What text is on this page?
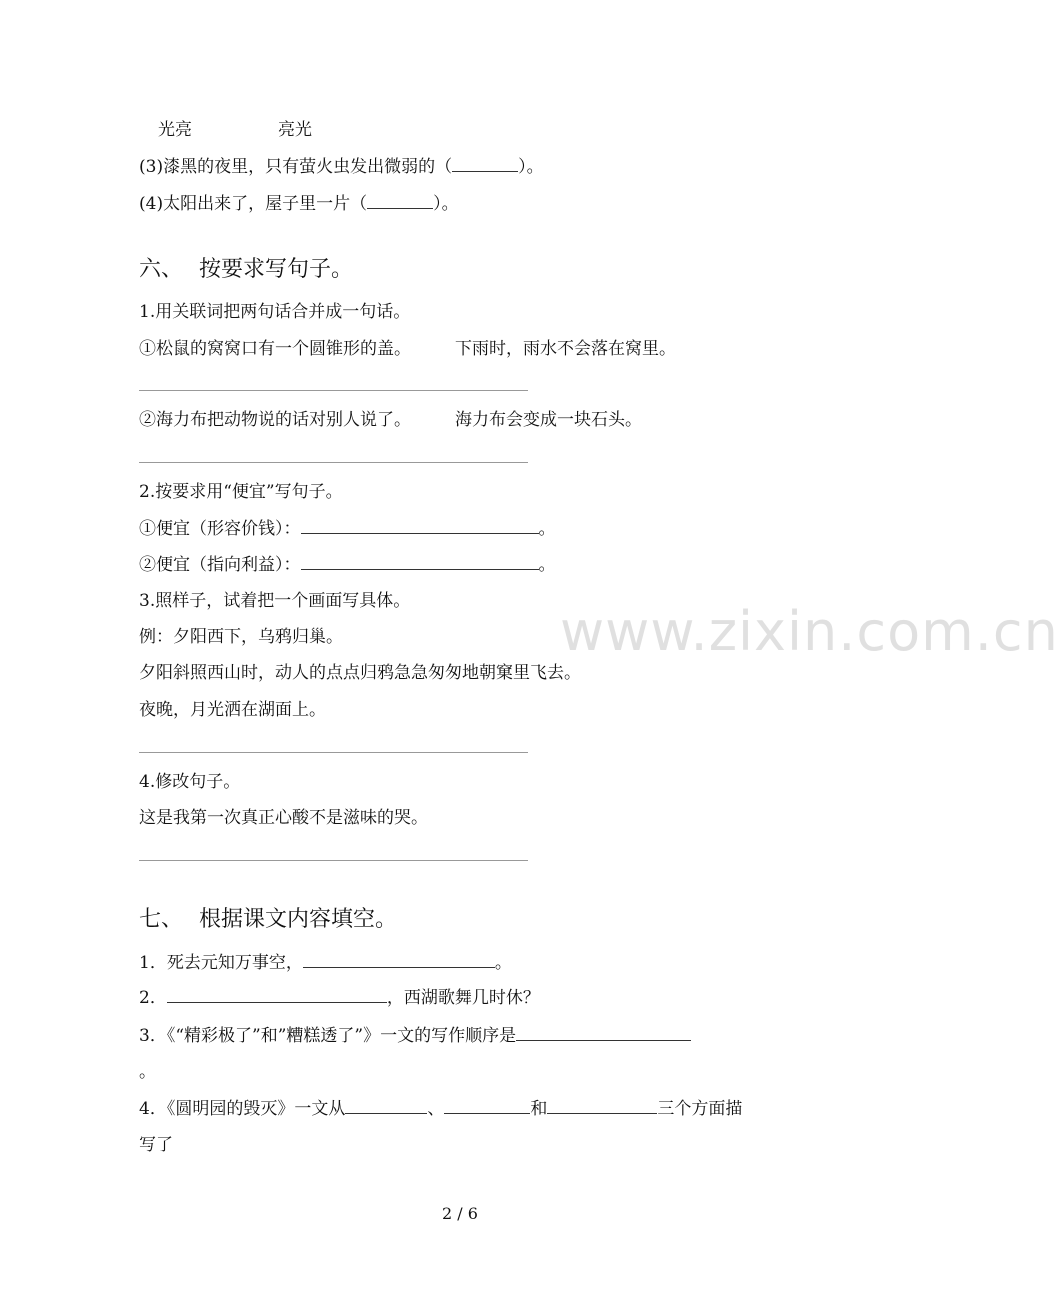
光亮	亮光
(3)漆黑的夜里，只有萤火虫发出微弱的（	）。
(4)太阳出来了，屋子里一片（	）。
六、 按要求写句子。
1.用关联词把两句话合并成一句话。
①松鼠的窝窝口有一个圆锥形的盖。	下雨时，雨水不会落在窝里。
②海力布把动物说的话对别人说了。	海力布会变成一块石头。
2.按要求用“便宜”写句子。
①便宜（形容价钱）：	。
②便宜（指向利益）：	。
3.照样子，试着把一个画面写具体。
例：夕阳西下，乌鸦归巢。
夕阳斜照西山时，动人的点点归鸦急急匆匆地朝窠里飞去。
夜晚，月光洒在湖面上。
4.修改句子。
这是我第一次真正心酸不是滋味的哭。
七、 根据课文内容填空。
1．死去元知万事空，	。
2．	，西湖歌舞几时休？
3．《“精彩极了”和”糟糕透了”》一文的写作顺序是
。
4．《圆明园的毁灭》一文从	、	和	三个方面描
写了
www.zixin.com.cn
2 / 6
